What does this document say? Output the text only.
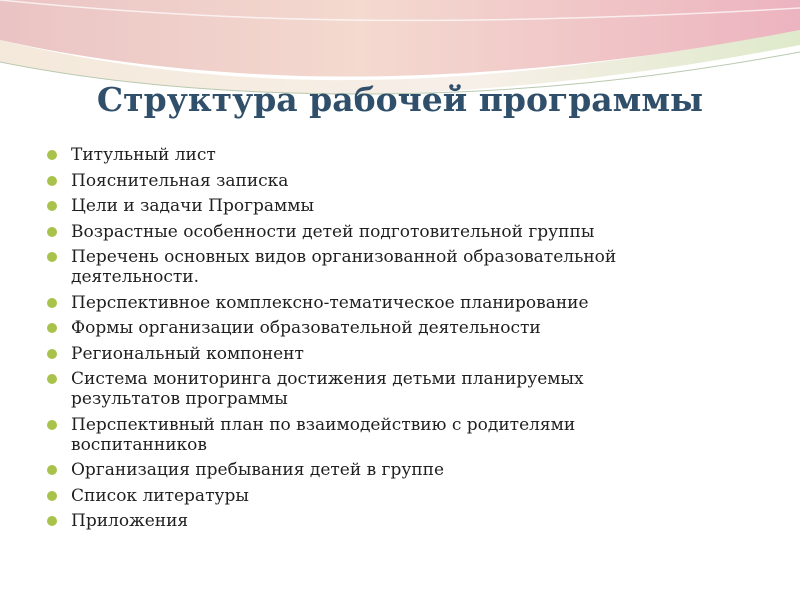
Структура рабочей программы
Титульный лист
Пояснительная записка
Цели и задачи Программы
Возрастные особенности детей подготовительной группы
Перечень основных видов организованной образовательной деятельности.
Перспективное комплексно-тематическое планирование
Формы организации образовательной деятельности
Региональный компонент
Система мониторинга достижения детьми планируемых результатов программы
Перспективный план по взаимодействию с родителями воспитанников
Организация пребывания детей в группе
Список литературы
Приложения
